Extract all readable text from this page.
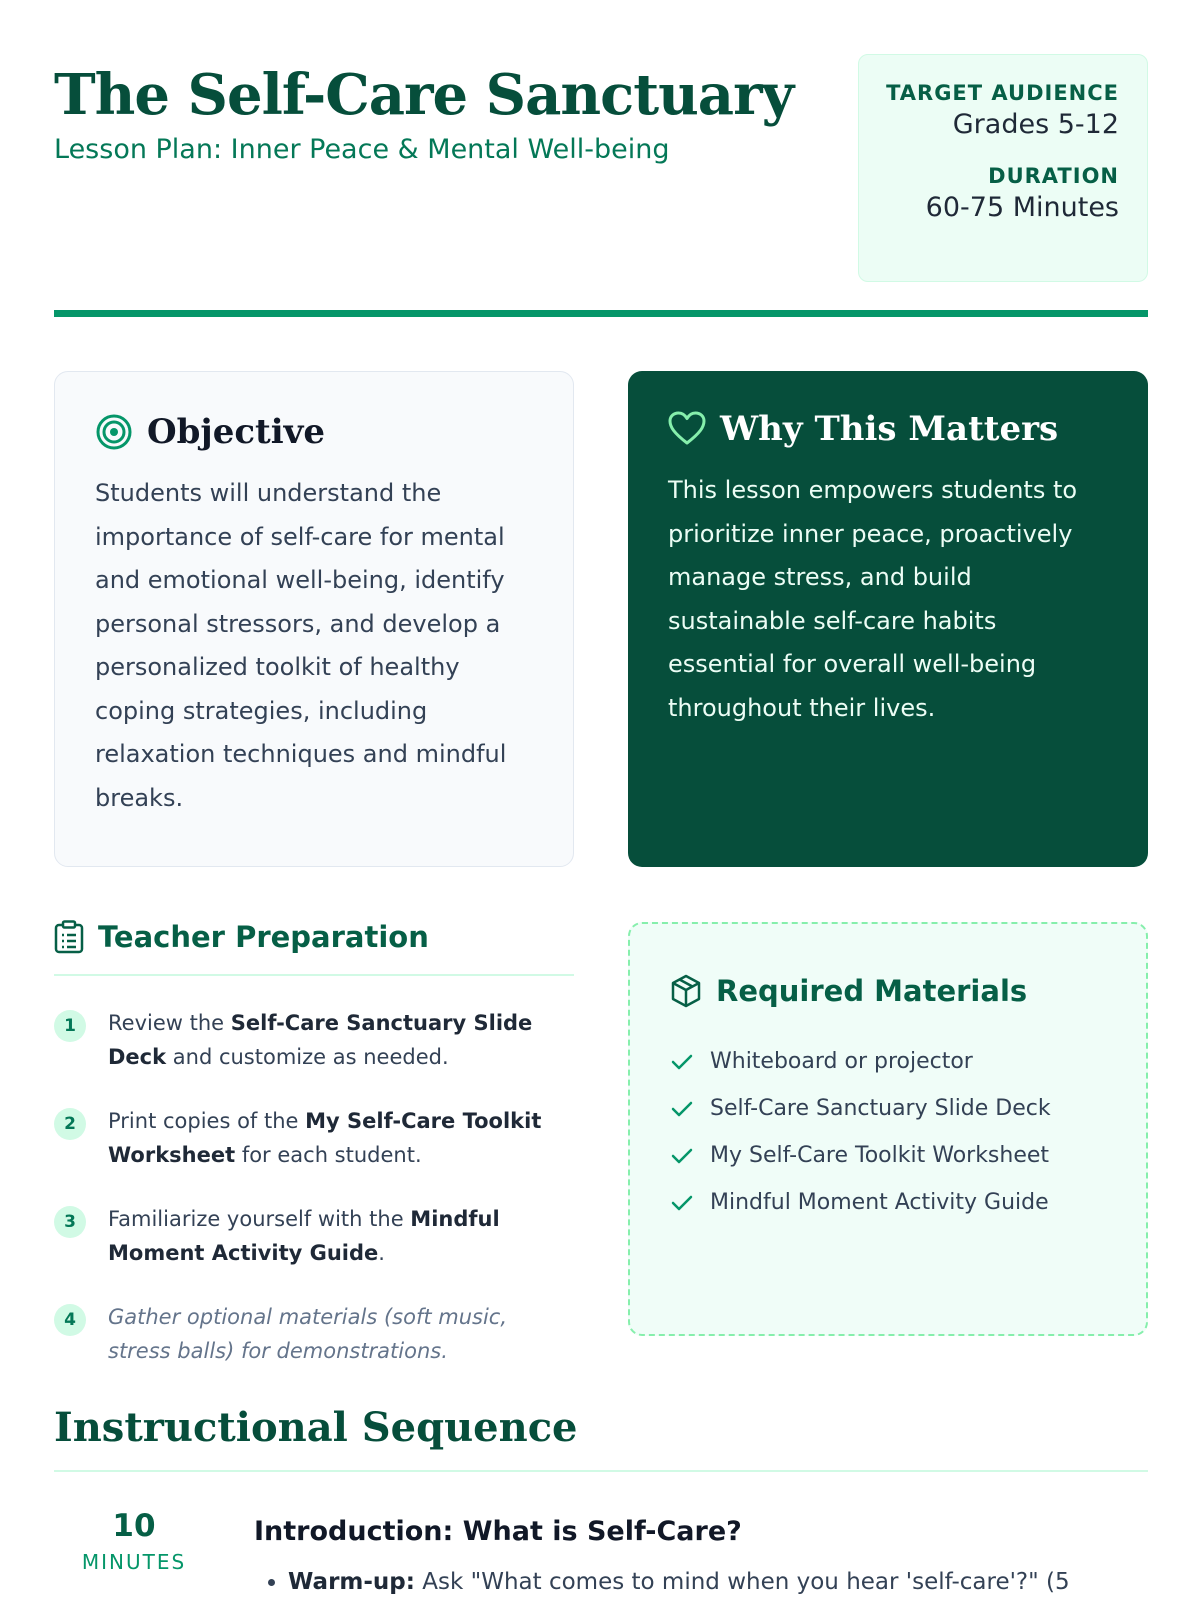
The Self-Care Sanctuary
Lesson Plan: Inner Peace & Mental Well-being
TARGET AUDIENCE
Grades 5-12
DURATION
60-75 Minutes
Objective

Students will understand the importance of self-care for mental and emotional well-being, identify personal stressors, and develop a personalized toolkit of healthy coping strategies, including relaxation techniques and mindful breaks.

Why This Matters

This lesson empowers students to prioritize inner peace, proactively manage stress, and build sustainable self-care habits essential for overall well-being throughout their lives.

Teacher Preparation
1	Review the Self-Care Sanctuary Slide Deck and customize as needed.
2	Print copies of the My Self-Care Toolkit Worksheet for each student.
3	Familiarize yourself with the Mindful Moment Activity Guide.
4	Gather optional materials (soft music, stress balls) for demonstrations.
Required Materials
Whiteboard or projector
Self-Care Sanctuary Slide Deck
My Self-Care Toolkit Worksheet
Mindful Moment Activity Guide
Instructional Sequence
10
MINUTES
Introduction: What is Self-Care?
• Warm-up: Ask "What comes to mind when you hear 'self-care'?" (5
